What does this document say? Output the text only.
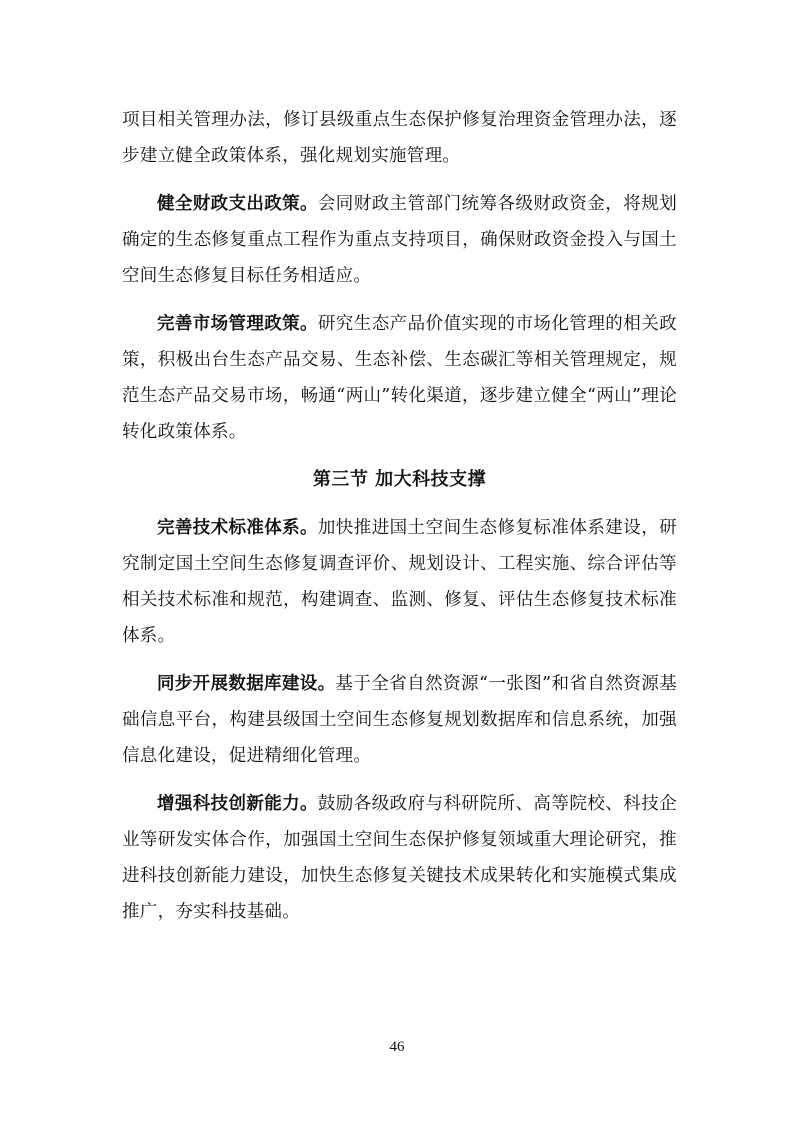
项目相关管理办法，修订县级重点生态保护修复治理资金管理办法，逐步建立健全政策体系，强化规划实施管理。

健全财政支出政策。会同财政主管部门统筹各级财政资金，将规划确定的生态修复重点工程作为重点支持项目，确保财政资金投入与国土空间生态修复目标任务相适应。

完善市场管理政策。研究生态产品价值实现的市场化管理的相关政策，积极出台生态产品交易、生态补偿、生态碳汇等相关管理规定，规范生态产品交易市场，畅通“两山”转化渠道，逐步建立健全“两山”理论转化政策体系。

第三节 加大科技支撑

完善技术标准体系。加快推进国土空间生态修复标准体系建设，研究制定国土空间生态修复调查评价、规划设计、工程实施、综合评估等相关技术标准和规范，构建调查、监测、修复、评估生态修复技术标准体系。

同步开展数据库建设。基于全省自然资源“一张图”和省自然资源基础信息平台，构建县级国土空间生态修复规划数据库和信息系统，加强信息化建设，促进精细化管理。

增强科技创新能力。鼓励各级政府与科研院所、高等院校、科技企业等研发实体合作，加强国土空间生态保护修复领域重大理论研究，推进科技创新能力建设，加快生态修复关键技术成果转化和实施模式集成推广，夯实科技基础。

46
